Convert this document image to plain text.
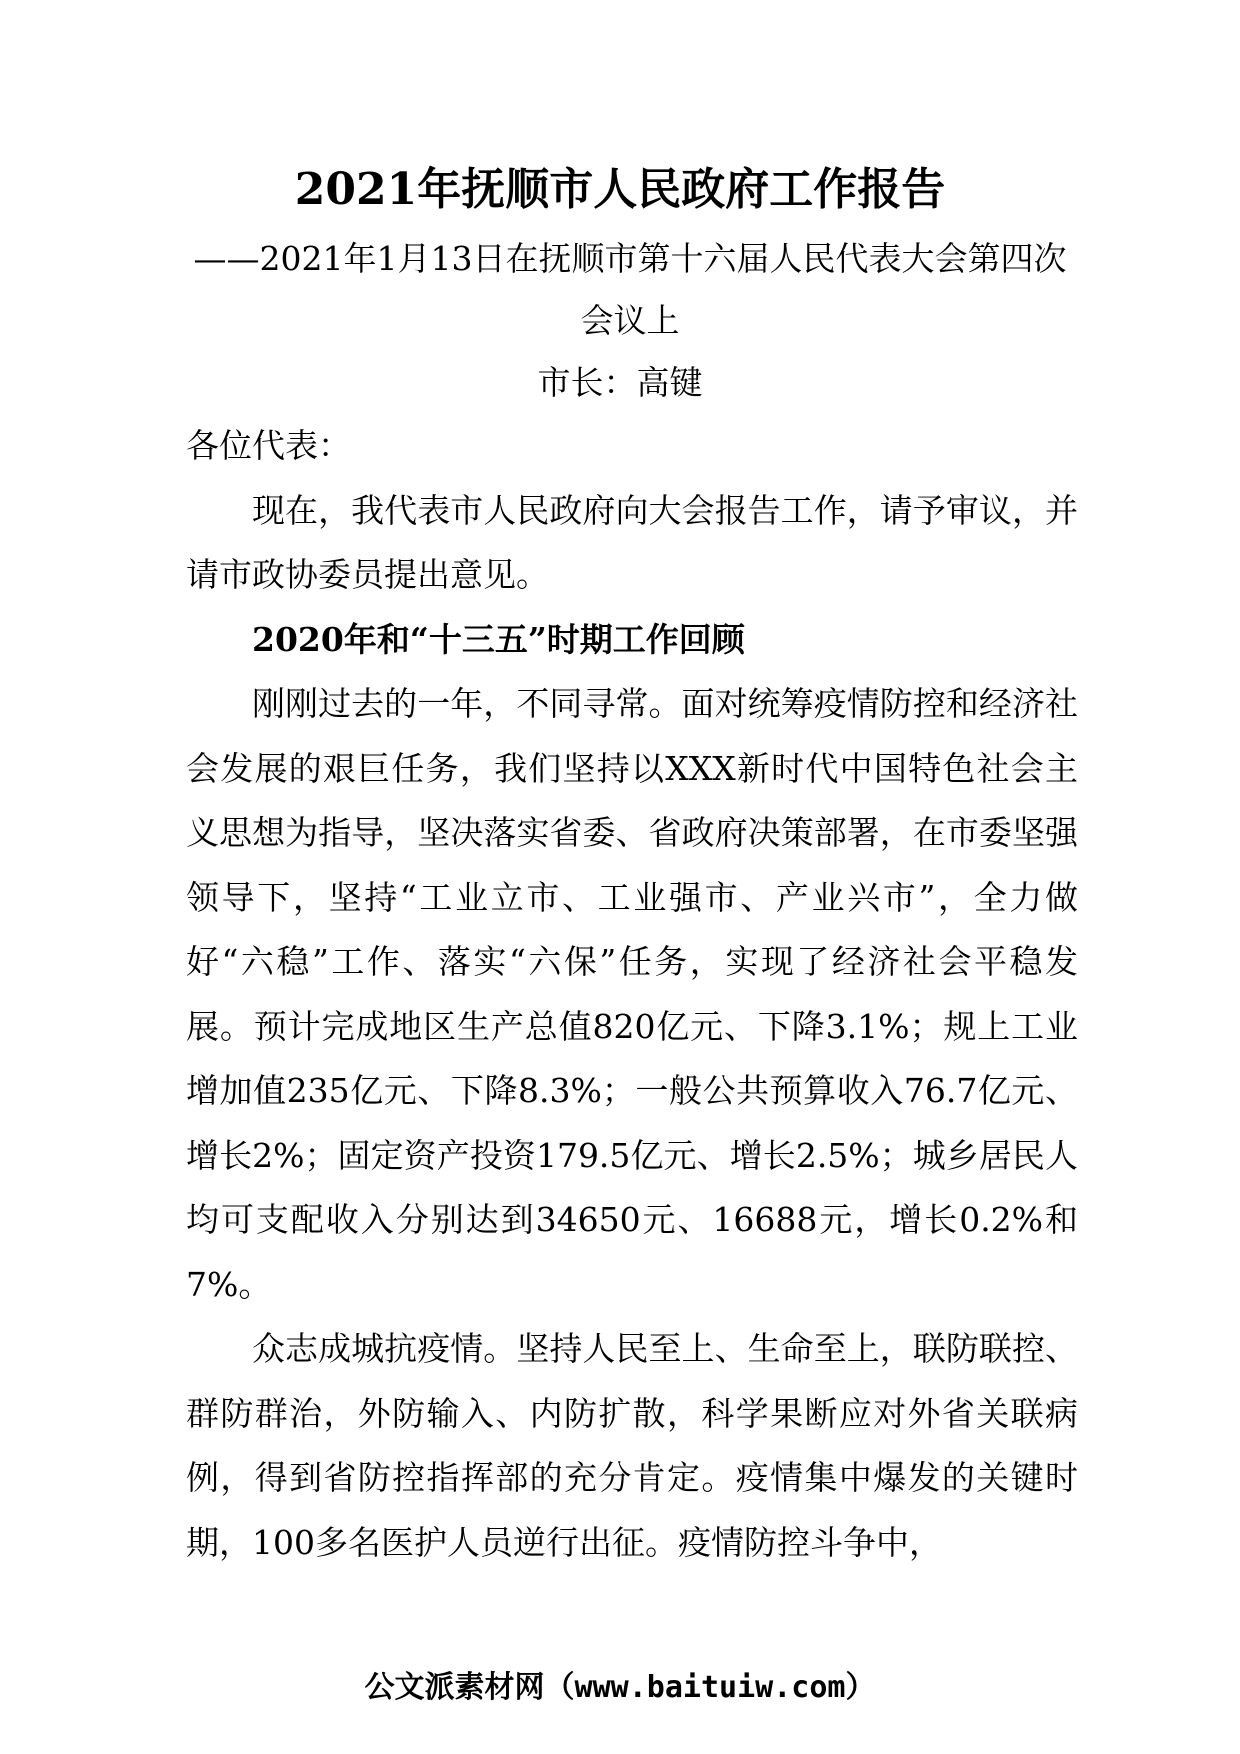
2021年抚顺市人民政府工作报告
——2021年1月13日在抚顺市第十六届人民代表大会第四次会议上
市长：高键

各位代表：

现在，我代表市人民政府向大会报告工作，请予审议，并请市政协委员提出意见。

2020年和“十三五”时期工作回顾

刚刚过去的一年，不同寻常。面对统筹疫情防控和经济社会发展的艰巨任务，我们坚持以XXX新时代中国特色社会主义思想为指导，坚决落实省委、省政府决策部署，在市委坚强领导下，坚持“工业立市、工业强市、产业兴市”，全力做好“六稳”工作、落实“六保”任务，实现了经济社会平稳发展。预计完成地区生产总值820亿元、下降3.1%；规上工业增加值235亿元、下降8.3%；一般公共预算收入76.7亿元、增长2%；固定资产投资179.5亿元、增长2.5%；城乡居民人均可支配收入分别达到34650元、16688元，增长0.2%和7%。

众志成城抗疫情。坚持人民至上、生命至上，联防联控、群防群治，外防输入、内防扩散，科学果断应对外省关联病例，得到省防控指挥部的充分肯定。疫情集中爆发的关键时期，100多名医护人员逆行出征。疫情防控斗争中，

公文派素材网（www.baituiw.com）
